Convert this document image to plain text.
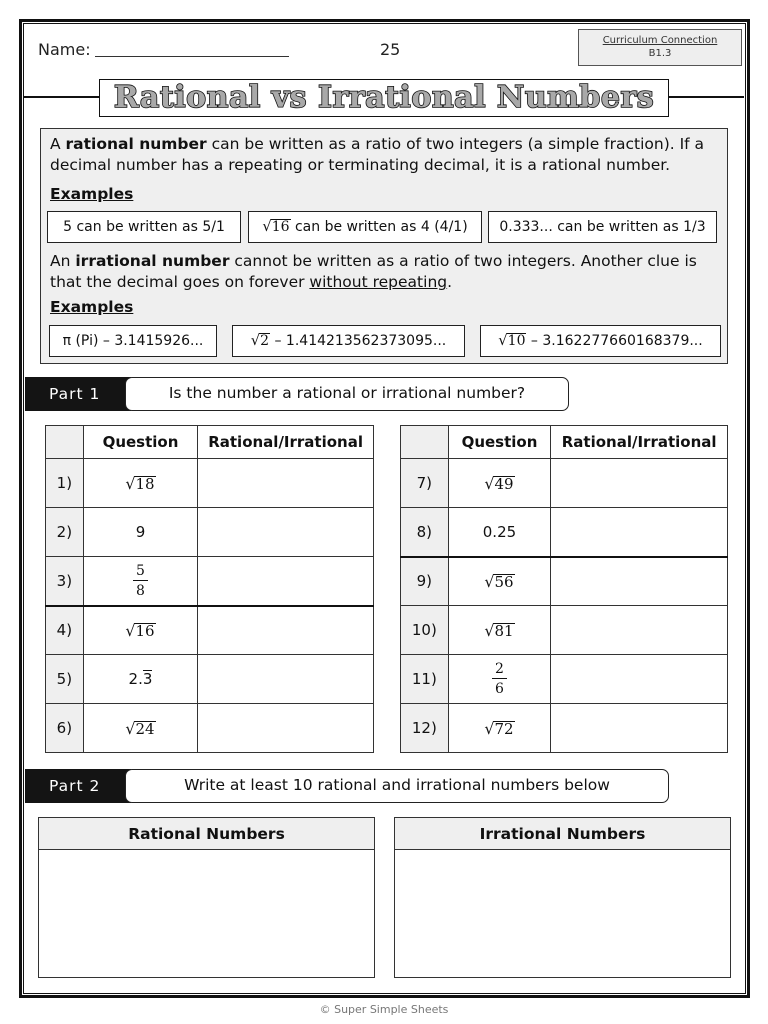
Name:	25	Curriculum Connection
B1.3
Rational vs Irrational Numbers
A rational number can be written as a ratio of two integers (a simple fraction). If a decimal number has a repeating or terminating decimal, it is a rational number.
Examples
5 can be written as 5/1	√16 can be written as 4 (4/1)	0.333... can be written as 1/3
An irrational number cannot be written as a ratio of two integers. Another clue is that the decimal goes on forever without repeating.
Examples
π (Pi) – 3.1415926...	√2 – 1.414213562373095...	√10 – 3.162277660168379...
Part 1	Is the number a rational or irrational number?
	Question	Rational/Irrational
1)	√18	
2)	9	
3)	$\frac{5}{8}$

4)	√16	
5)	2.3	
6)	√24	
	Question	Rational/Irrational
7)	√49	
8)	0.25	
9)	√56	
10)	√81	
11)	$\frac{2}{6}$

12)	√72	
Part 2	Write at least 10 rational and irrational numbers below
Rational Numbers	Irrational Numbers
© Super Simple Sheets
